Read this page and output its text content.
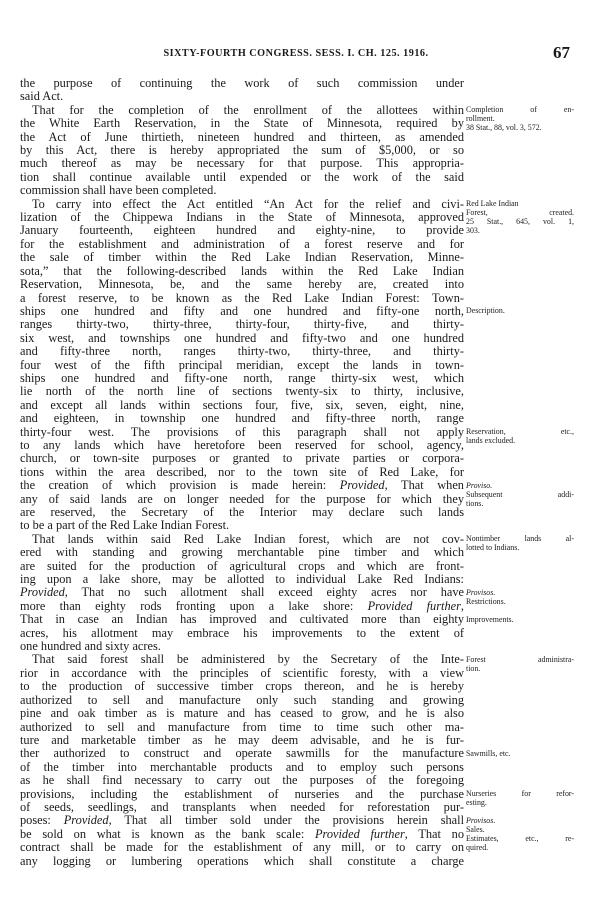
SIXTY-FOURTH CONGRESS. SESS. I. CH. 125. 1916.	67
the purpose of continuing the work of such commission under
said Act.
That for the completion of the enrollment of the allottees within
the White Earth Reservation, in the State of Minnesota, required by
the Act of June thirtieth, nineteen hundred and thirteen, as amended
by this Act, there is hereby appropriated the sum of $5,000, or so
much thereof as may be necessary for that purpose. This appropria-
tion shall continue available until expended or the work of the said
commission shall have been completed.
To carry into effect the Act entitled “An Act for the relief and civi-
lization of the Chippewa Indians in the State of Minnesota, approved
January fourteenth, eighteen hundred and eighty-nine, to provide
for the establishment and administration of a forest reserve and for
the sale of timber within the Red Lake Indian Reservation, Minne-
sota,” that the following-described lands within the Red Lake Indian
Reservation, Minnesota, be, and the same hereby are, created into
a forest reserve, to be known as the Red Lake Indian Forest: Town-
ships one hundred and fifty and one hundred and fifty-one north,
ranges thirty-two, thirty-three, thirty-four, thirty-five, and thirty-
six west, and townships one hundred and fifty-two and one hundred
and fifty-three north, ranges thirty-two, thirty-three, and thirty-
four west of the fifth principal meridian, except the lands in town-
ships one hundred and fifty-one north, range thirty-six west, which
lie north of the north line of sections twenty-six to thirty, inclusive,
and except all lands within sections four, five, six, seven, eight, nine,
and eighteen, in township one hundred and fifty-three north, range
thirty-four west. The provisions of this paragraph shall not apply
to any lands which have heretofore been reserved for school, agency,
church, or town-site purposes or granted to private parties or corpora-
tions within the area described, nor to the town site of Red Lake, for
the creation of which provision is made herein: Provided, That when
any of said lands are on longer needed for the purpose for which they
are reserved, the Secretary of the Interior may declare such lands
to be a part of the Red Lake Indian Forest.
That lands within said Red Lake Indian forest, which are not cov-
ered with standing and growing merchantable pine timber and which
are suited for the production of agricultural crops and which are front-
ing upon a lake shore, may be allotted to individual Lake Red Indians:
Provided, That no such allotment shall exceed eighty acres nor have
more than eighty rods fronting upon a lake shore: Provided further,
That in case an Indian has improved and cultivated more than eighty
acres, his allotment may embrace his improvements to the extent of
one hundred and sixty acres.
That said forest shall be administered by the Secretary of the Inte-
rior in accordance with the principles of scientific foresty, with a view
to the production of successive timber crops thereon, and he is hereby
authorized to sell and manufacture only such standing and growing
pine and oak timber as is mature and has ceased to grow, and he is also
authorized to sell and manufacture from time to time such other ma-
ture and marketable timber as he may deem advisable, and he is fur-
ther authorized to construct and operate sawmills for the manufacture
of the timber into merchantable products and to employ such persons
as he shall find necessary to carry out the purposes of the foregoing
provisions, including the establishment of nurseries and the purchase
of seeds, seedlings, and transplants when needed for reforestation pur-
poses: Provided, That all timber sold under the provisions herein shall
be sold on what is known as the bank scale: Provided further, That no
contract shall be made for the establishment of any mill, or to carry on
any logging or lumbering operations which shall constitute a charge
Completion of en-
rollment.
38 Stat., 88, vol. 3, 572.
Red Lake Indian
Forest, created.
25 Stat., 645, vol. 1,
303.
Description.
Reservation, etc.,
lands excluded.
Proviso.
Subsequent addi-
tions.
Nontimber lands al-
lotted to Indians.
Provisos.
Restrictions.
Improvements.
Forest administra-
tion.
Sawmills, etc.
Nurseries for refor-
esting.
Provisos.
Sales.
Estimates, etc., re-
quired.
